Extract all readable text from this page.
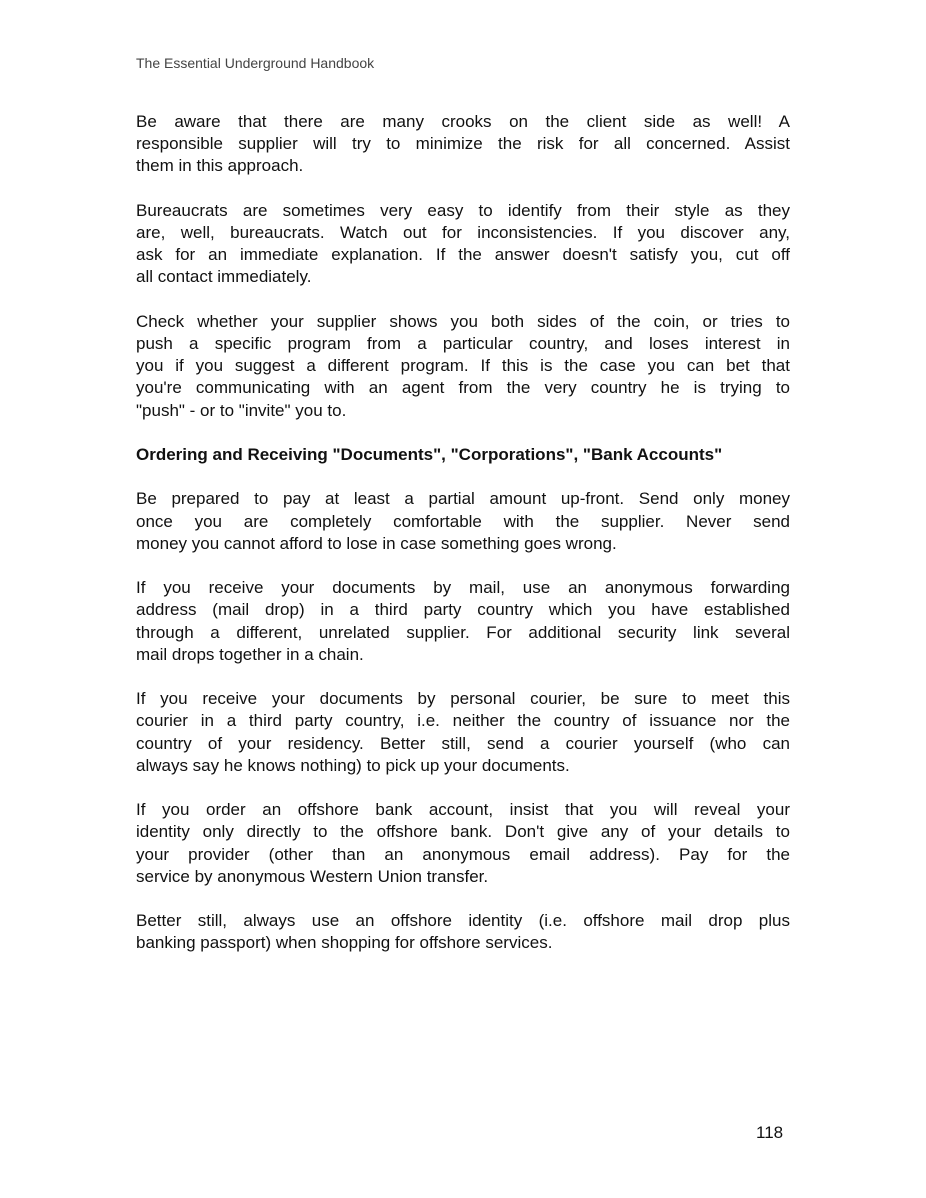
The Essential Underground Handbook
Be aware that there are many crooks on the client side as well! A
responsible supplier will try to minimize the risk for all concerned. Assist
them in this approach.
Bureaucrats are sometimes very easy to identify from their style as they
are, well, bureaucrats. Watch out for inconsistencies. If you discover any,
ask for an immediate explanation. If the answer doesn't satisfy you, cut off
all contact immediately.
Check whether your supplier shows you both sides of the coin, or tries to
push a specific program from a particular country, and loses interest in
you if you suggest a different program. If this is the case you can bet that
you're communicating with an agent from the very country he is trying to
"push" - or to "invite" you to.
Ordering and Receiving "Documents", "Corporations", "Bank Accounts"
Be prepared to pay at least a partial amount up-front. Send only money
once you are completely comfortable with the supplier. Never send
money you cannot afford to lose in case something goes wrong.
If you receive your documents by mail, use an anonymous forwarding
address (mail drop) in a third party country which you have established
through a different, unrelated supplier. For additional security link several
mail drops together in a chain.
If you receive your documents by personal courier, be sure to meet this
courier in a third party country, i.e. neither the country of issuance nor the
country of your residency. Better still, send a courier yourself (who can
always say he knows nothing) to pick up your documents.
If you order an offshore bank account, insist that you will reveal your
identity only directly to the offshore bank. Don't give any of your details to
your provider (other than an anonymous email address). Pay for the
service by anonymous Western Union transfer.
Better still, always use an offshore identity (i.e. offshore mail drop plus
banking passport) when shopping for offshore services.
118
